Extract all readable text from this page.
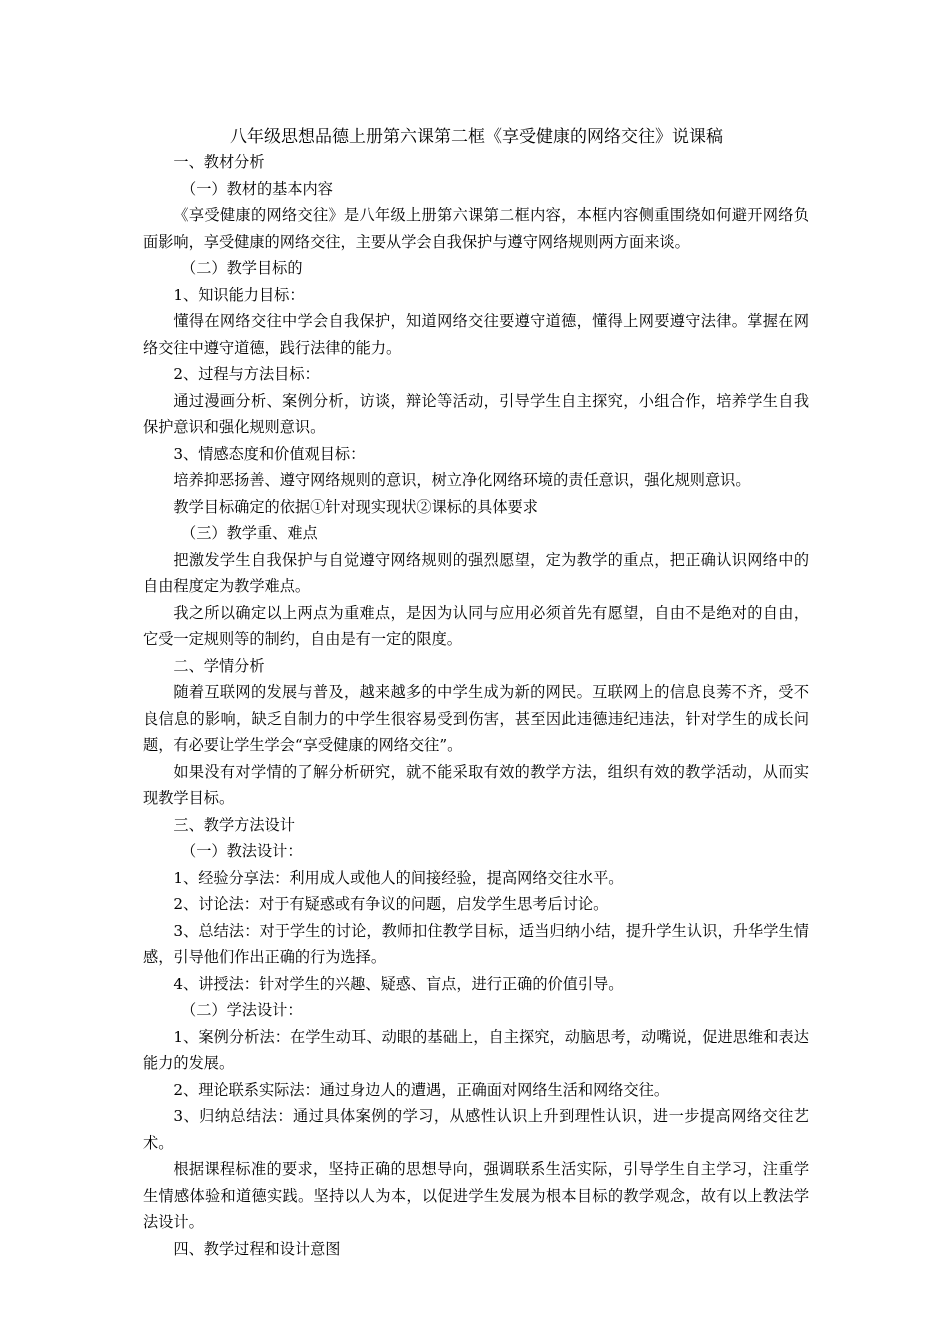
八年级思想品德上册第六课第二框《享受健康的网络交往》说课稿

一、教材分析

（一）教材的基本内容

《享受健康的网络交往》是八年级上册第六课第二框内容，本框内容侧重围绕如何避开网络负面影响，享受健康的网络交往，主要从学会自我保护与遵守网络规则两方面来谈。

（二）教学目标的

1、知识能力目标：

懂得在网络交往中学会自我保护，知道网络交往要遵守道德，懂得上网要遵守法律。掌握在网络交往中遵守道德，践行法律的能力。

2、过程与方法目标：

通过漫画分析、案例分析，访谈，辩论等活动，引导学生自主探究，小组合作，培养学生自我保护意识和强化规则意识。

3、情感态度和价值观目标：

培养抑恶扬善、遵守网络规则的意识，树立净化网络环境的责任意识，强化规则意识。

教学目标确定的依据①针对现实现状②课标的具体要求

（三）教学重、难点

把激发学生自我保护与自觉遵守网络规则的强烈愿望，定为教学的重点，把正确认识网络中的自由程度定为教学难点。

我之所以确定以上两点为重难点，是因为认同与应用必须首先有愿望，自由不是绝对的自由，它受一定规则等的制约，自由是有一定的限度。

二、学情分析

随着互联网的发展与普及，越来越多的中学生成为新的网民。互联网上的信息良莠不齐，受不良信息的影响，缺乏自制力的中学生很容易受到伤害，甚至因此违德违纪违法，针对学生的成长问题，有必要让学生学会“享受健康的网络交往”。

如果没有对学情的了解分析研究，就不能采取有效的教学方法，组织有效的教学活动，从而实现教学目标。

三、教学方法设计

（一）教法设计：

1、经验分享法：利用成人或他人的间接经验，提高网络交往水平。

2、讨论法：对于有疑惑或有争议的问题，启发学生思考后讨论。

3、总结法：对于学生的讨论，教师扣住教学目标，适当归纳小结，提升学生认识，升华学生情感，引导他们作出正确的行为选择。

4、讲授法：针对学生的兴趣、疑惑、盲点，进行正确的价值引导。

（二）学法设计：

1、案例分析法：在学生动耳、动眼的基础上，自主探究，动脑思考，动嘴说，促进思维和表达能力的发展。

2、理论联系实际法：通过身边人的遭遇，正确面对网络生活和网络交往。

3、归纳总结法：通过具体案例的学习，从感性认识上升到理性认识，进一步提高网络交往艺术。

根据课程标准的要求，坚持正确的思想导向，强调联系生活实际，引导学生自主学习，注重学生情感体验和道德实践。坚持以人为本，以促进学生发展为根本目标的教学观念，故有以上教法学法设计。

四、教学过程和设计意图
